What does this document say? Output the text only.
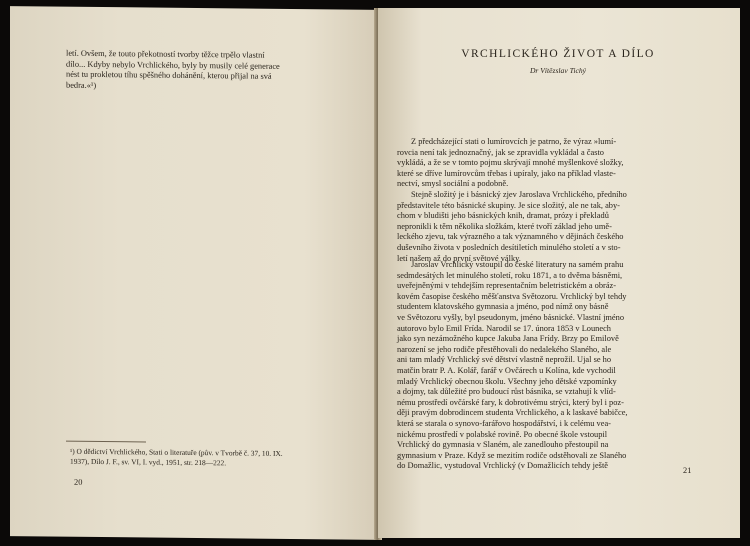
letí. Ovšem, že touto překotností tvorby těžce trpělo vlastní
dílo... Kdyby nebylo Vrchlického, byly by musily celé generace
nést tu prokletou tíhu spěšného dohánění, kterou přijal na svá
bedra.«¹)
¹) O dědictví Vrchlického, Stati o literatuře (pův. v Tvorbě č. 37, 10. IX.
1937), Dílo J. F., sv. VI, I. vyd., 1951, str. 218—222.
20
VRCHLICKÉHO ŽIVOT A DÍLO
Dr Vítězslav Tichý
Z předcházející stati o lumírovcích je patrno, že výraz »lumí-
rovcia není tak jednoznačný, jak se zpravidla vykládal a často
vykládá, a že se v tomto pojmu skrývají mnohé myšlenkové složky,
které se dříve lumírovcům třebas i upíraly, jako na příklad vlaste-
nectví, smysl sociální a podobně.
Stejně složitý je i básnický zjev Jaroslava Vrchlického, předního
představitele této básnické skupiny. Je sice složitý, ale ne tak, aby-
chom v bludišti jeho básnických knih, dramat, prózy i překladů
nepronikli k těm několika složkám, které tvoří základ jeho umě-
leckého zjevu, tak výrazného a tak významného v dějinách českého
duševního života v posledních desítiletích minulého století a v sto-
letí našem až do první světové války.
Jaroslav Vrchlický vstoupil do české literatury na samém prahu
sedmdesátých let minulého století, roku 1871, a to dvěma básněmi,
uveřejněnými v tehdejším representačním beletristickém a obráz-
kovém časopise českého měšťanstva Světozoru. Vrchlický byl tehdy
studentem klatovského gymnasia a jméno, pod nímž ony básně
ve Světozoru vyšly, byl pseudonym, jméno básnické. Vlastní jméno
autorovo bylo Emil Frída. Narodil se 17. února 1853 v Lounech
jako syn nezámožného kupce Jakuba Jana Frídy. Brzy po Emilově
narození se jeho rodiče přestěhovali do nedalekého Slaného, ale
ani tam mladý Vrchlický své dětství vlastně neprožil. Ujal se ho
matčin bratr P. A. Kolář, farář v Ovčárech u Kolína, kde vychodil
mladý Vrchlický obecnou školu. Všechny jeho dětské vzpomínky
a dojmy, tak důležité pro budoucí růst básníka, se vztahují k vlíd-
nému prostředí ovčárské fary, k dobrotivému strýci, který byl i poz-
ději pravým dobrodincem studenta Vrchlického, a k laskavé babičce,
která se starala o synovo-farářovo hospodářství, i k celému vea-
nickému prostředí v polabské rovině. Po obecné škole vstoupil
Vrchlický do gymnasia v Slaném, ale zanedlouho přestoupil na
gymnasium v Praze. Když se mezitím rodiče odstěhovali ze Slaného
do Domažlic, vystudoval Vrchlický (v Domažlicích tehdy ještě
21
